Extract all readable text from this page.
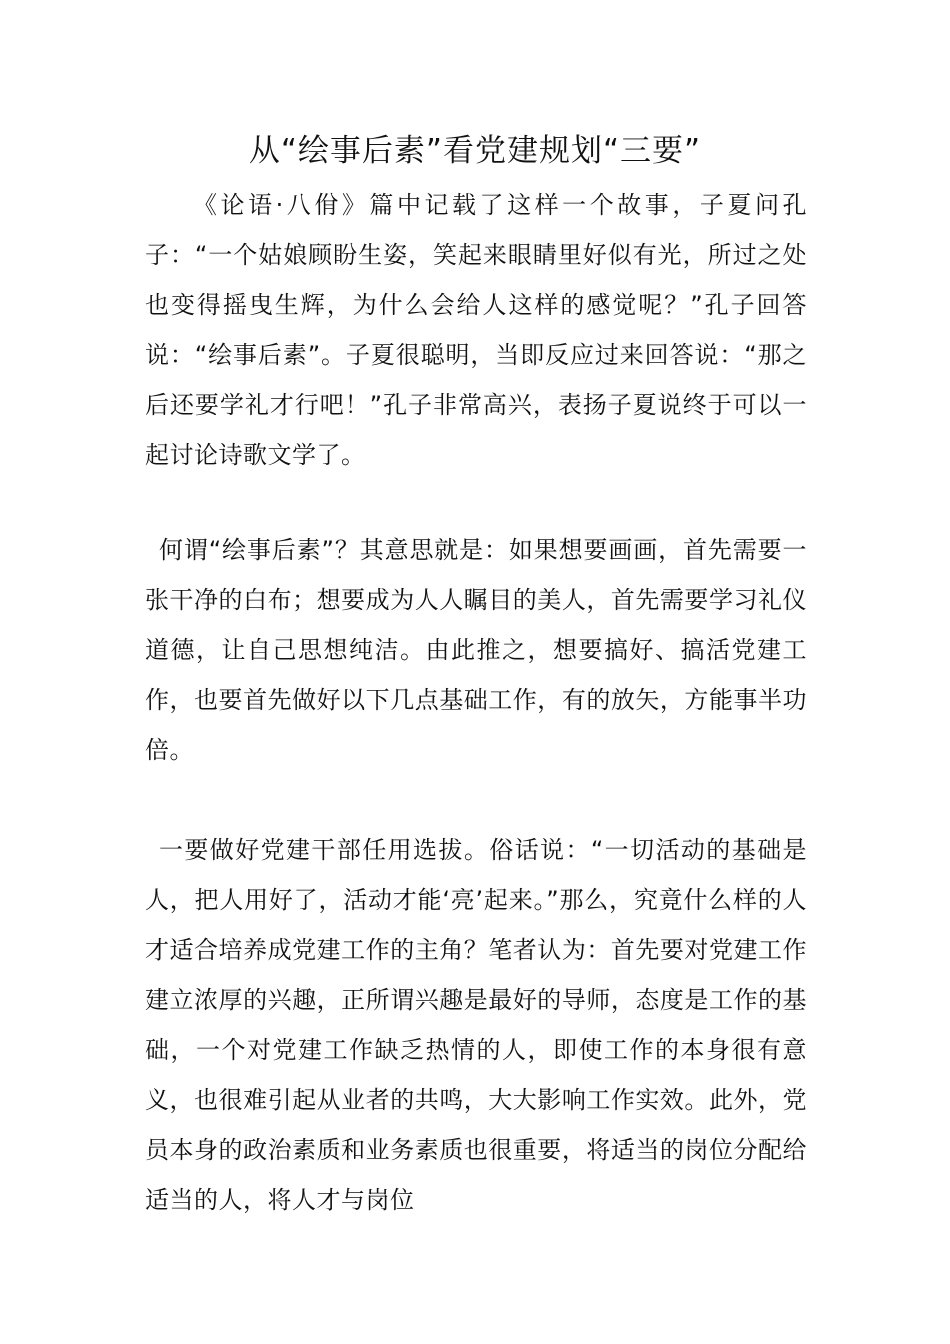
从“绘事后素”看党建规划“三要”

《论语·八佾》篇中记载了这样一个故事，子夏问孔子：“一个姑娘顾盼生姿，笑起来眼睛里好似有光，所过之处也变得摇曳生辉，为什么会给人这样的感觉呢？”孔子回答说：“绘事后素”。子夏很聪明，当即反应过来回答说：“那之后还要学礼才行吧！”孔子非常高兴，表扬子夏说终于可以一起讨论诗歌文学了。

何谓“绘事后素”？其意思就是：如果想要画画，首先需要一张干净的白布；想要成为人人瞩目的美人，首先需要学习礼仪道德，让自己思想纯洁。由此推之，想要搞好、搞活党建工作，也要首先做好以下几点基础工作，有的放矢，方能事半功倍。

一要做好党建干部任用选拔。俗话说：“一切活动的基础是人，把人用好了，活动才能‘亮’起来。”那么，究竟什么样的人才适合培养成党建工作的主角？笔者认为：首先要对党建工作建立浓厚的兴趣，正所谓兴趣是最好的导师，态度是工作的基础，一个对党建工作缺乏热情的人，即使工作的本身很有意义，也很难引起从业者的共鸣，大大影响工作实效。此外，党员本身的政治素质和业务素质也很重要，将适当的岗位分配给适当的人，将人才与岗位
